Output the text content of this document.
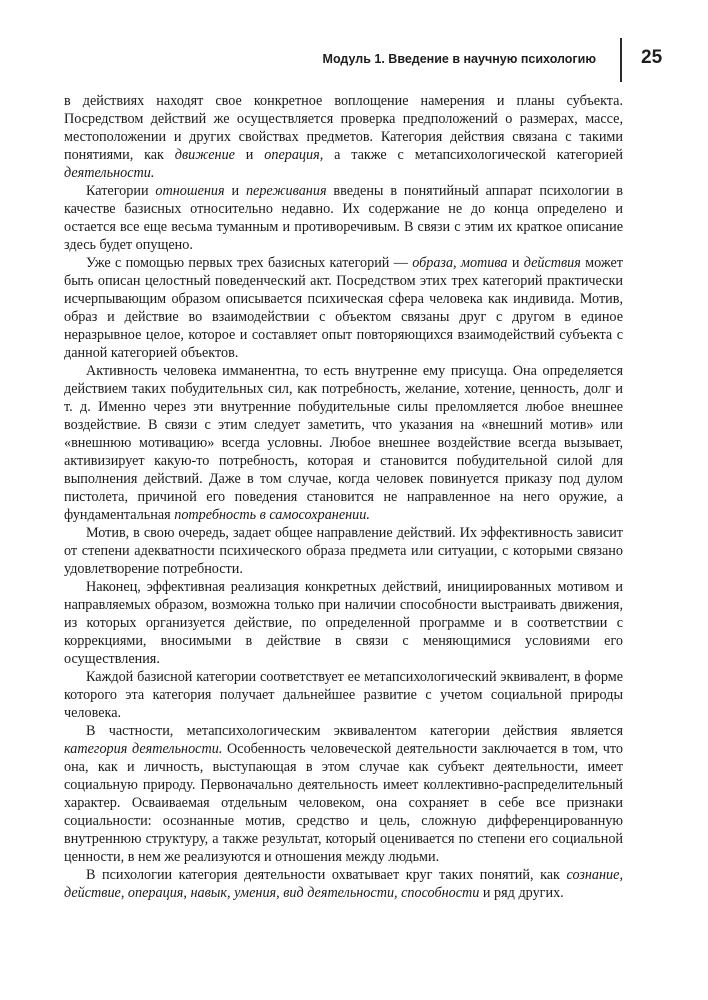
Модуль 1. Введение в научную психологию 25

в действиях находят свое конкретное воплощение намерения и планы субъекта. Посредством действий же осуществляется проверка предположений о размерах, массе, местоположении и других свойствах предметов. Категория действия связана с такими понятиями, как движение и операция, а также с метапсихологической категорией деятельности.

Категории отношения и переживания введены в понятийный аппарат психологии в качестве базисных относительно недавно. Их содержание не до конца определено и остается все еще весьма туманным и противоречивым. В связи с этим их краткое описание здесь будет опущено.

Уже с помощью первых трех базисных категорий — образа, мотива и действия может быть описан целостный поведенческий акт. Посредством этих трех категорий практически исчерпывающим образом описывается психическая сфера человека как индивида. Мотив, образ и действие во взаимодействии с объектом связаны друг с другом в единое неразрывное целое, которое и составляет опыт повторяющихся взаимодействий субъекта с данной категорией объектов.

Активность человека имманентна, то есть внутренне ему присуща. Она определяется действием таких побудительных сил, как потребность, желание, хотение, ценность, долг и т. д. Именно через эти внутренние побудительные силы преломляется любое внешнее воздействие. В связи с этим следует заметить, что указания на «внешний мотив» или «внешнюю мотивацию» всегда условны. Любое внешнее воздействие всегда вызывает, активизирует какую-то потребность, которая и становится побудительной силой для выполнения действий. Даже в том случае, когда человек повинуется приказу под дулом пистолета, причиной его поведения становится не направленное на него оружие, а фундаментальная потребность в самосохранении.

Мотив, в свою очередь, задает общее направление действий. Их эффективность зависит от степени адекватности психического образа предмета или ситуации, с которыми связано удовлетворение потребности.

Наконец, эффективная реализация конкретных действий, инициированных мотивом и направляемых образом, возможна только при наличии способности выстраивать движения, из которых организуется действие, по определенной программе и в соответствии с коррекциями, вносимыми в действие в связи с меняющимися условиями его осуществления.

Каждой базисной категории соответствует ее метапсихологический эквивалент, в форме которого эта категория получает дальнейшее развитие с учетом социальной природы человека.

В частности, метапсихологическим эквивалентом категории действия является категория деятельности. Особенность человеческой деятельности заключается в том, что она, как и личность, выступающая в этом случае как субъект деятельности, имеет социальную природу. Первоначально деятельность имеет коллективно-распределительный характер. Осваиваемая отдельным человеком, она сохраняет в себе все признаки социальности: осознанные мотив, средство и цель, сложную дифференцированную внутреннюю структуру, а также результат, который оценивается по степени его социальной ценности, в нем же реализуются и отношения между людьми.

В психологии категория деятельности охватывает круг таких понятий, как сознание, действие, операция, навык, умения, вид деятельности, способности и ряд других.
